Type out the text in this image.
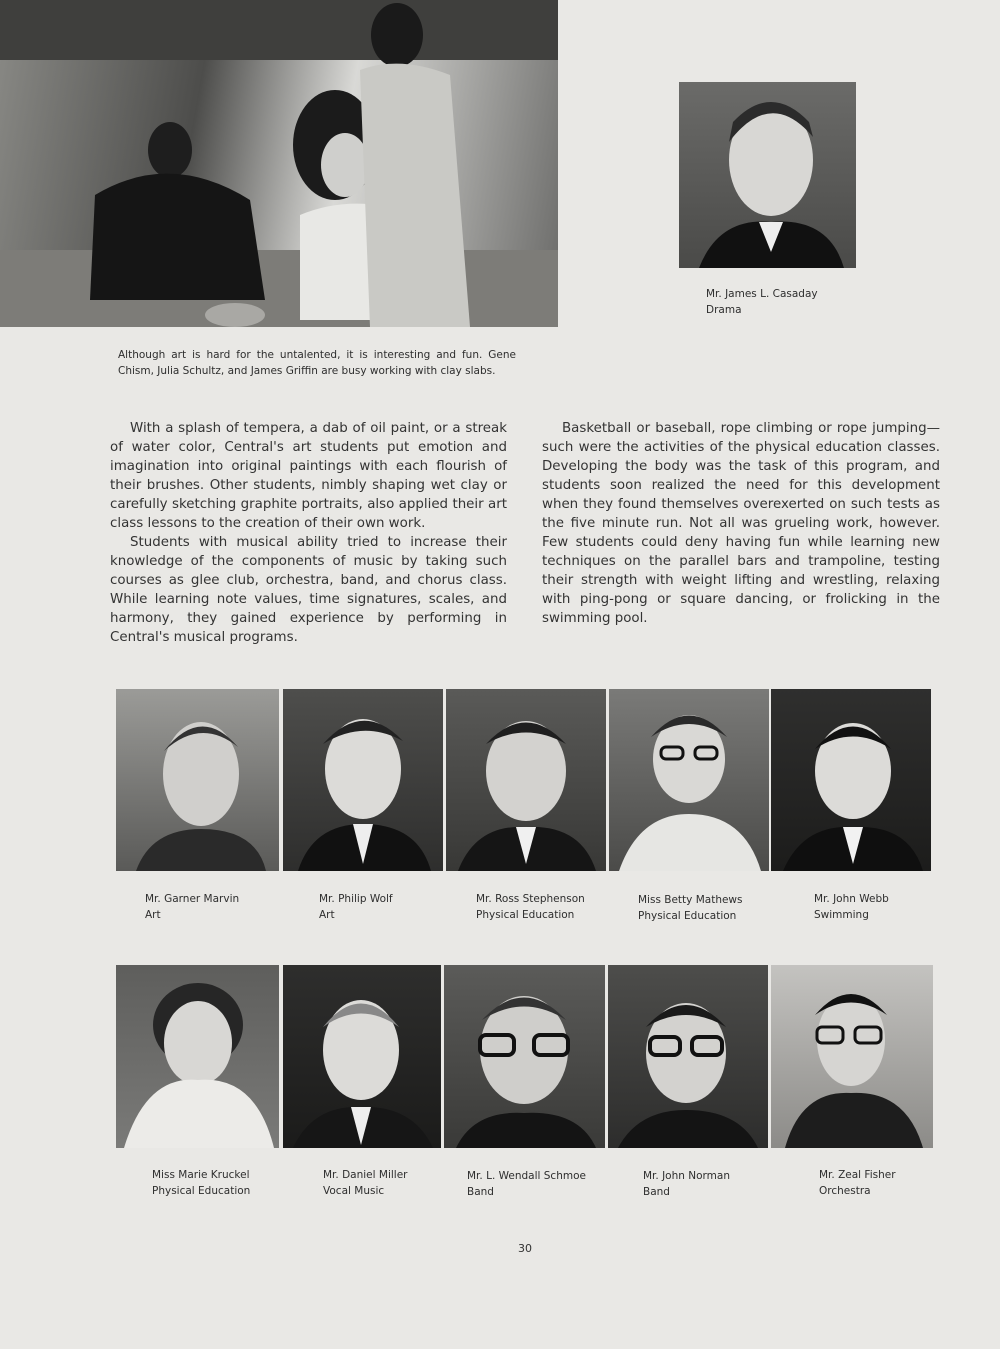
Although art is hard for the untalented, it is interesting and fun. Gene Chism, Julia Schultz, and James Griffin are busy working with clay slabs.
Mr. James L. Casaday
Drama

With a splash of tempera, a dab of oil paint, or a streak of water color, Central's art students put emotion and imagination into original paintings with each flourish of their brushes. Other students, nimbly shaping wet clay or carefully sketching graphite portraits, also applied their art class lessons to the creation of their own work.

Students with musical ability tried to increase their knowledge of the components of music by taking such courses as glee club, orchestra, band, and chorus class. While learning note values, time signatures, scales, and harmony, they gained experience by performing in Central's musical programs.

Basketball or baseball, rope climbing or rope jumping—such were the activities of the physical education classes. Developing the body was the task of this program, and students soon realized the need for this development when they found themselves overexerted on such tests as the five minute run. Not all was grueling work, however. Few students could deny having fun while learning new techniques on the parallel bars and trampoline, testing their strength with weight lifting and wrestling, relaxing with ping-pong or square dancing, or frolicking in the swimming pool.

Mr. Garner Marvin
Art
Mr. Philip Wolf
Art
Mr. Ross Stephenson
Physical Education
Miss Betty Mathews
Physical Education
Mr. John Webb
Swimming
Miss Marie Kruckel
Physical Education
Mr. Daniel Miller
Vocal Music
Mr. L. Wendall Schmoe
Band
Mr. John Norman
Band
Mr. Zeal Fisher
Orchestra
30
